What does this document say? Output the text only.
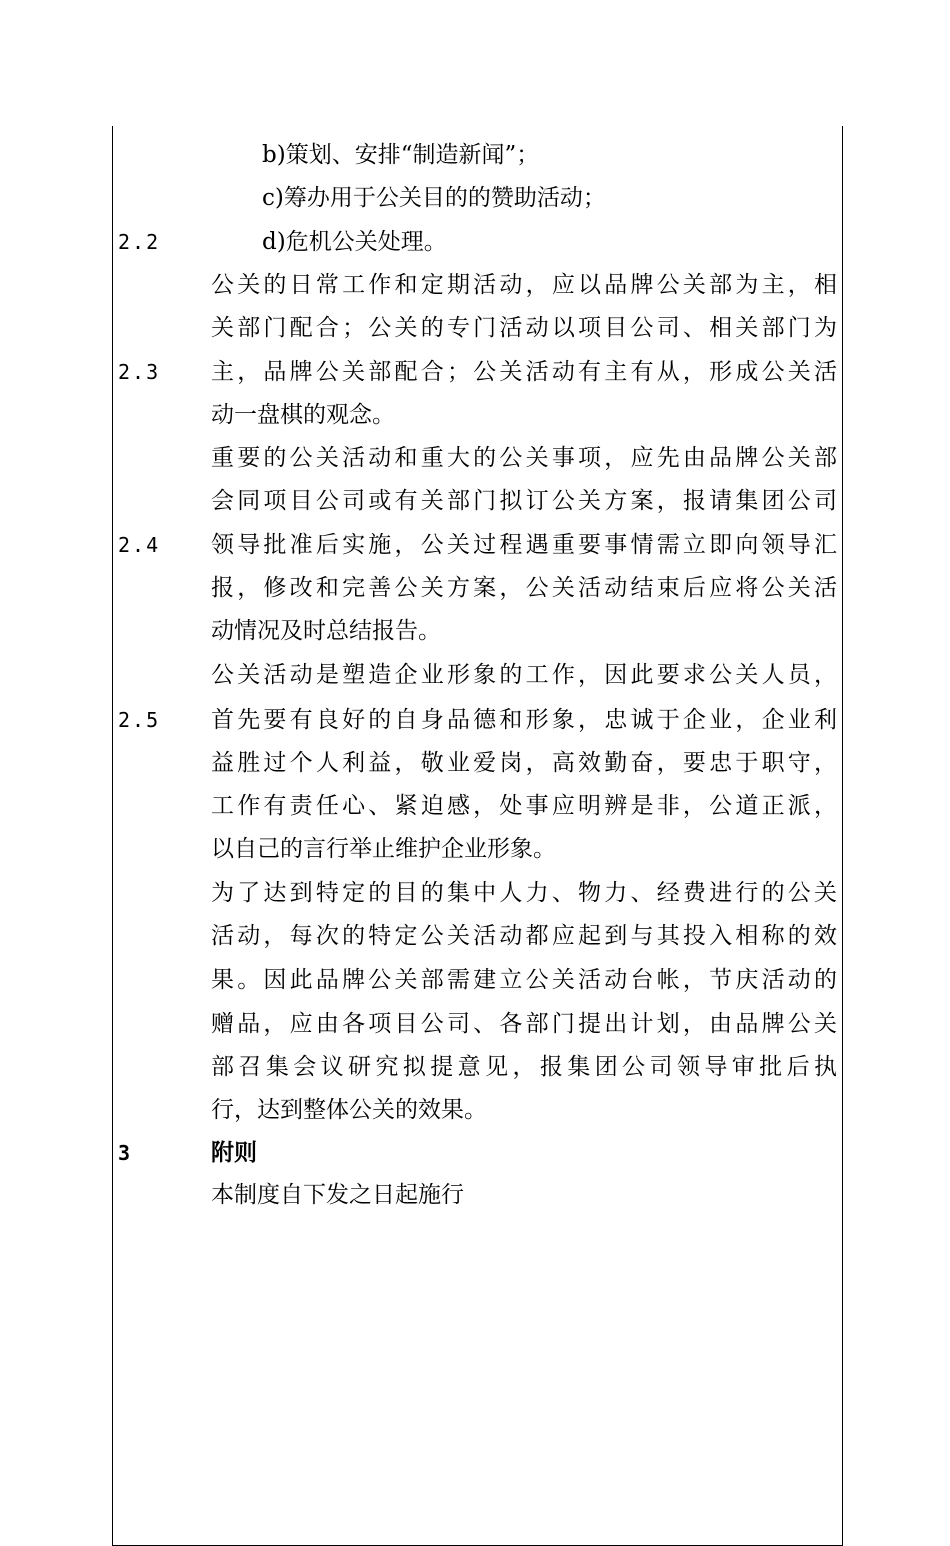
b)策划、安排“制造新闻”；
c)筹办用于公关目的的赞助活动；
2.2	d)危机公关处理。
公关的日常工作和定期活动，应以品牌公关部为主，相
关部门配合；公关的专门活动以项目公司、相关部门为
2.3 主，品牌公关部配合；公关活动有主有从，形成公关活
动一盘棋的观念。
重要的公关活动和重大的公关事项，应先由品牌公关部
会同项目公司或有关部门拟订公关方案，报请集团公司
2.4 领导批准后实施，公关过程遇重要事情需立即向领导汇
报，修改和完善公关方案，公关活动结束后应将公关活
动情况及时总结报告。
公关活动是塑造企业形象的工作，因此要求公关人员，
2.5 首先要有良好的自身品德和形象，忠诚于企业，企业利
益胜过个人利益，敬业爱岗，高效勤奋，要忠于职守，
工作有责任心、紧迫感，处事应明辨是非，公道正派，
以自己的言行举止维护企业形象。
为了达到特定的目的集中人力、物力、经费进行的公关
活动，每次的特定公关活动都应起到与其投入相称的效
果。因此品牌公关部需建立公关活动台帐，节庆活动的
赠品，应由各项目公司、各部门提出计划，由品牌公关
部召集会议研究拟提意见，报集团公司领导审批后执
行，达到整体公关的效果。
3	附则
本制度自下发之日起施行
